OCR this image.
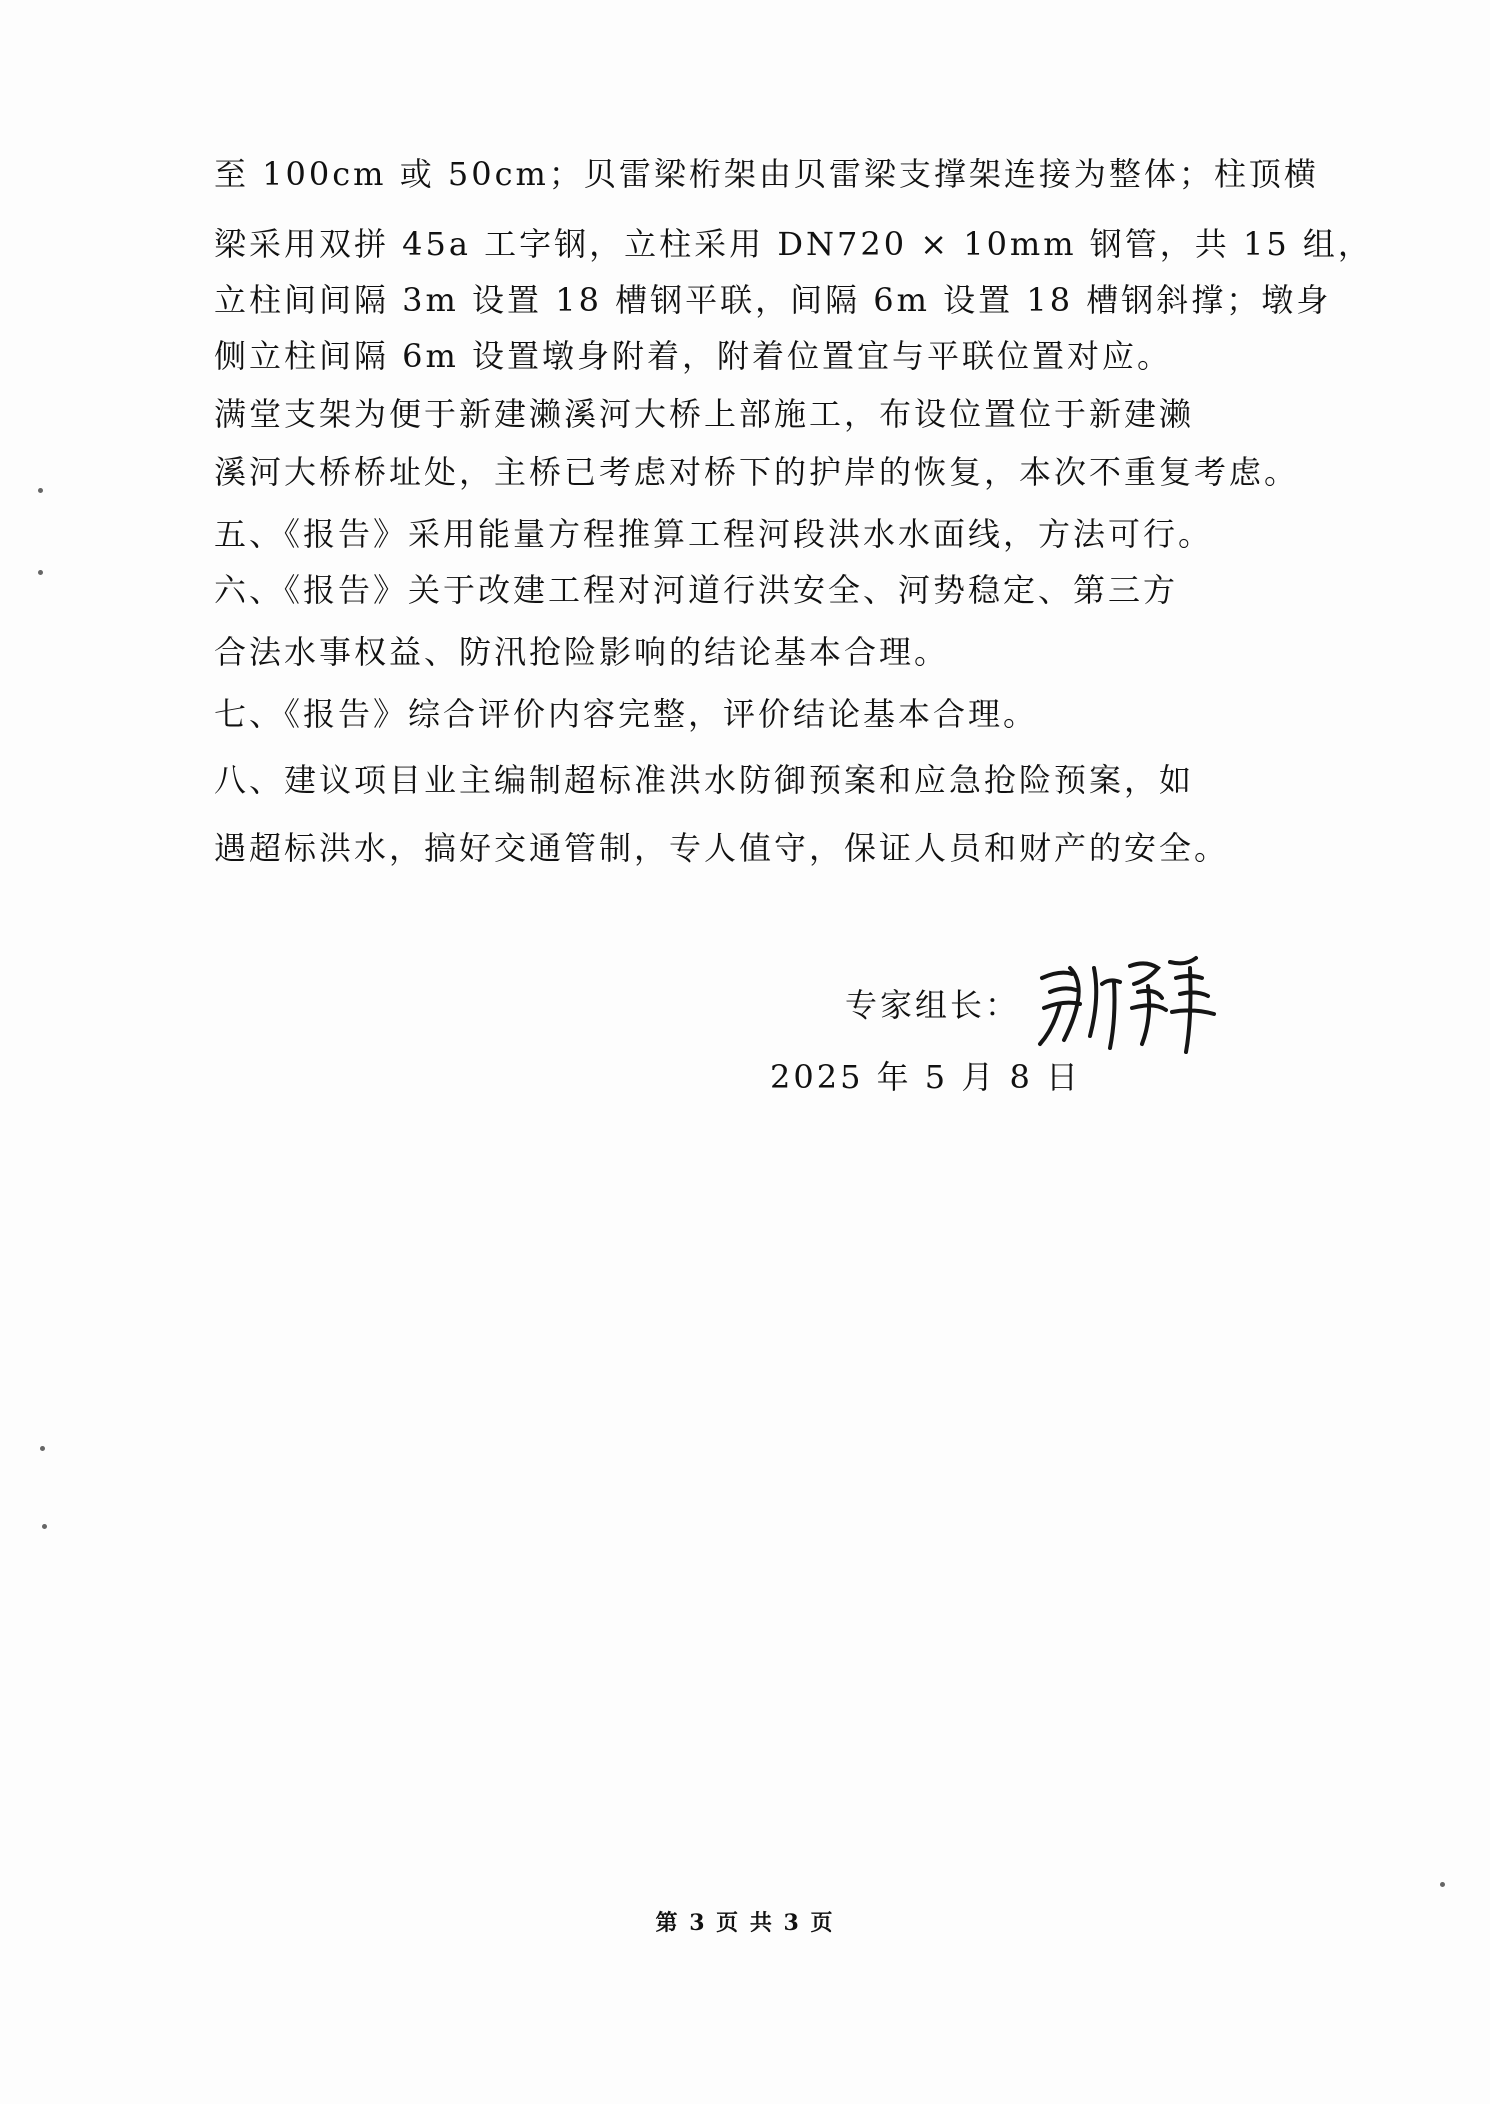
至 100cm 或 50cm；贝雷梁桁架由贝雷梁支撑架连接为整体；柱顶横
梁采用双拼 45a 工字钢，立柱采用 DN720 × 10mm 钢管，共 15 组，
立柱间间隔 3m 设置 18 槽钢平联，间隔 6m 设置 18 槽钢斜撑；墩身
侧立柱间隔 6m 设置墩身附着，附着位置宜与平联位置对应。
满堂支架为便于新建濑溪河大桥上部施工，布设位置位于新建濑
溪河大桥桥址处，主桥已考虑对桥下的护岸的恢复，本次不重复考虑。
五、《报告》采用能量方程推算工程河段洪水水面线，方法可行。
六、《报告》关于改建工程对河道行洪安全、河势稳定、第三方
合法水事权益、防汛抢险影响的结论基本合理。
七、《报告》综合评价内容完整，评价结论基本合理。
八、建议项目业主编制超标准洪水防御预案和应急抢险预案，如
遇超标洪水，搞好交通管制，专人值守，保证人员和财产的安全。
专家组长：
2025 年 5 月 8 日
第 3 页 共 3 页
